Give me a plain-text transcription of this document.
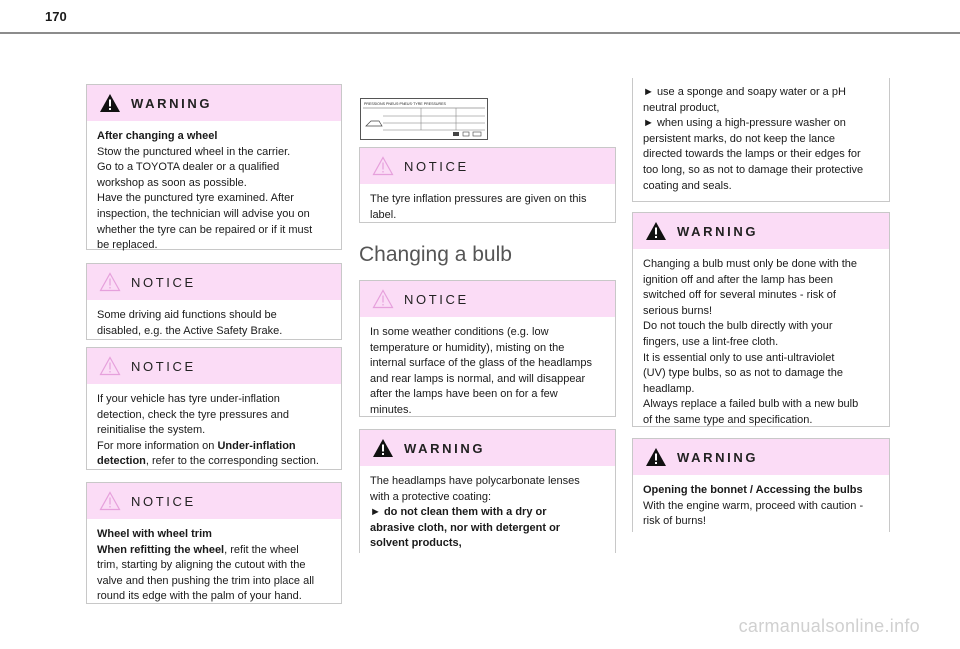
170
WARNING

After changing a wheel

Stow the punctured wheel in the carrier.

Go to a TOYOTA dealer or a qualified

workshop as soon as possible.

Have the punctured tyre examined. After

inspection, the technician will advise you on

whether the tyre can be repaired or if it must

be replaced.

NOTICE

Some driving aid functions should be

disabled, e.g. the Active Safety Brake.

NOTICE

If your vehicle has tyre under-inflation

detection, check the tyre pressures and

reinitialise the system.

For more information on Under-inflation

detection, refer to the corresponding section.

NOTICE

Wheel with wheel trim

When refitting the wheel, refit the wheel

trim, starting by aligning the cutout with the

valve and then pushing the trim into place all

round its edge with the palm of your hand.

PRESSIONS PNEUS·PNEUS·TYRE PRESSURES
NOTICE

The tyre inflation pressures are given on this

label.

Changing a bulb
NOTICE

In some weather conditions (e.g. low

temperature or humidity), misting on the

internal surface of the glass of the headlamps

and rear lamps is normal, and will disappear

after the lamps have been on for a few

minutes.

WARNING

The headlamps have polycarbonate lenses

with a protective coating:

► do not clean them with a dry or

abrasive cloth, nor with detergent or

solvent products,

► use a sponge and soapy water or a pH

neutral product,

► when using a high-pressure washer on

persistent marks, do not keep the lance

directed towards the lamps or their edges for

too long, so as not to damage their protective

coating and seals.

WARNING

Changing a bulb must only be done with the

ignition off and after the lamp has been

switched off for several minutes - risk of

serious burns!

Do not touch the bulb directly with your

fingers, use a lint-free cloth.

It is essential only to use anti-ultraviolet

(UV) type bulbs, so as not to damage the

headlamp.

Always replace a failed bulb with a new bulb

of the same type and specification.

WARNING

Opening the bonnet / Accessing the bulbs

With the engine warm, proceed with caution -

risk of burns!

carmanualsonline.info
